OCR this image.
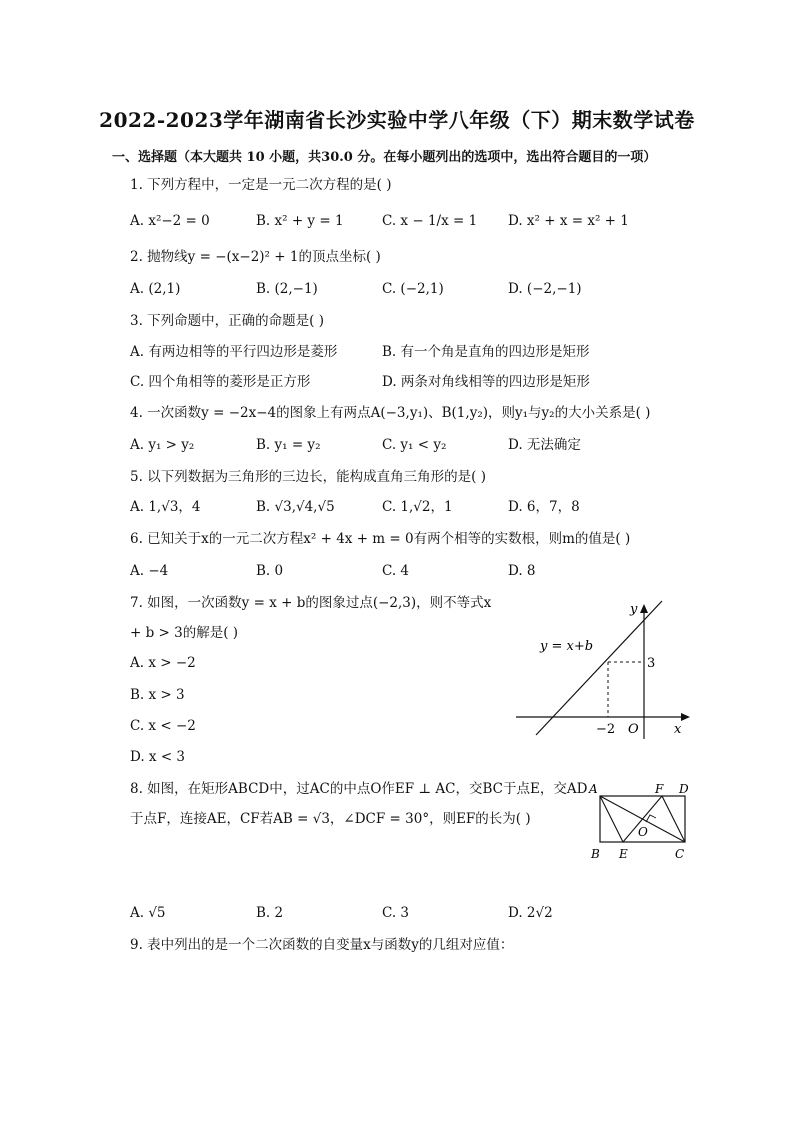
2022-2023学年湖南省长沙实验中学八年级（下）期末数学试卷
一、选择题（本大题共 10 小题，共30.0 分。在每小题列出的选项中，选出符合题目的一项）
1. 下列方程中，一定是一元二次方程的是( )
A. x²−2 = 0	B. x² + y = 1	C. x − 1/x = 1 D. x² + x = x² + 1
2. 抛物线y = −(x−2)² + 1的顶点坐标( )
A. (2,1)	B. (2,−1)	C. (−2,1)	D. (−2,−1)
3. 下列命题中，正确的命题是( )
A. 有两边相等的平行四边形是菱形	B. 有一个角是直角的四边形是矩形
C. 四个角相等的菱形是正方形	D. 两条对角线相等的四边形是矩形
4. 一次函数y = −2x−4的图象上有两点A(−3,y₁)、B(1,y₂)，则y₁与y₂的大小关系是( )
A. y₁ > y₂	B. y₁ = y₂	C. y₁ < y₂	D. 无法确定
5. 以下列数据为三角形的三边长，能构成直角三角形的是( )
A. 1,√3，4	B. √3,√4,√5	C. 1,√2，1	D. 6，7，8
6. 已知关于x的一元二次方程x² + 4x + m = 0有两个相等的实数根，则m的值是( )
A. −4	B. 0	C. 4	D. 8
7. 如图，一次函数y = x + b的图象过点(−2,3)，则不等式x
+ b > 3的解是( )
A. x > −2
B. x > 3
C. x < −2
D. x < 3
y = x+b
y
x
O
−2
3
8. 如图，在矩形ABCD中，过AC的中点O作EF ⊥ AC，交BC于点E，交AD
于点F，连接AE，CF若AB = √3，∠DCF = 30°，则EF的长为( )
A	F D
B E	C
O
A. √5	B. 2	C. 3	D. 2√2
9. 表中列出的是一个二次函数的自变量x与函数y的几组对应值：
